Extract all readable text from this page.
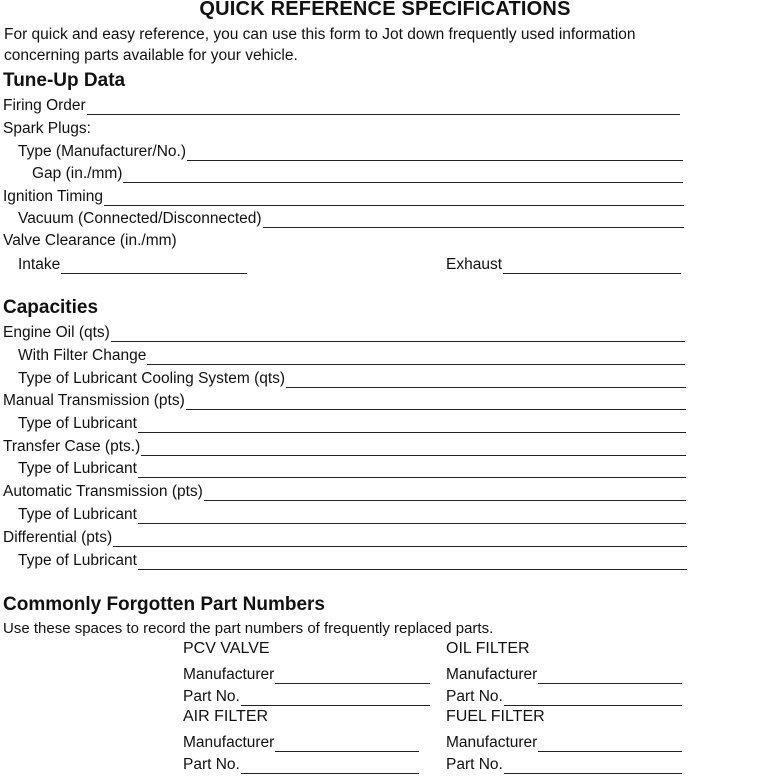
QUICK REFERENCE SPECIFICATIONS
For quick and easy reference, you can use this form to Jot down frequently used information
concerning parts available for your vehicle.
Tune-Up Data
Firing Order
Spark Plugs:
Type (Manufacturer/No.)
Gap (in./mm)
Ignition Timing
Vacuum (Connected/Disconnected)
Valve Clearance (in./mm)
Intake	Exhaust
Capacities
Engine Oil (qts)
With Filter Change
Type of Lubricant Cooling System (qts)
Manual Transmission (pts)
Type of Lubricant
Transfer Case (pts.)
Type of Lubricant
Automatic Transmission (pts)
Type of Lubricant
Differential (pts)
Type of Lubricant
Commonly Forgotten Part Numbers
Use these spaces to record the part numbers of frequently replaced parts.
PCV VALVE	OIL FILTER
Manufacturer	Manufacturer
Part No.	Part No.
AIR FILTER	FUEL FILTER
Manufacturer	Manufacturer
Part No.	Part No.
